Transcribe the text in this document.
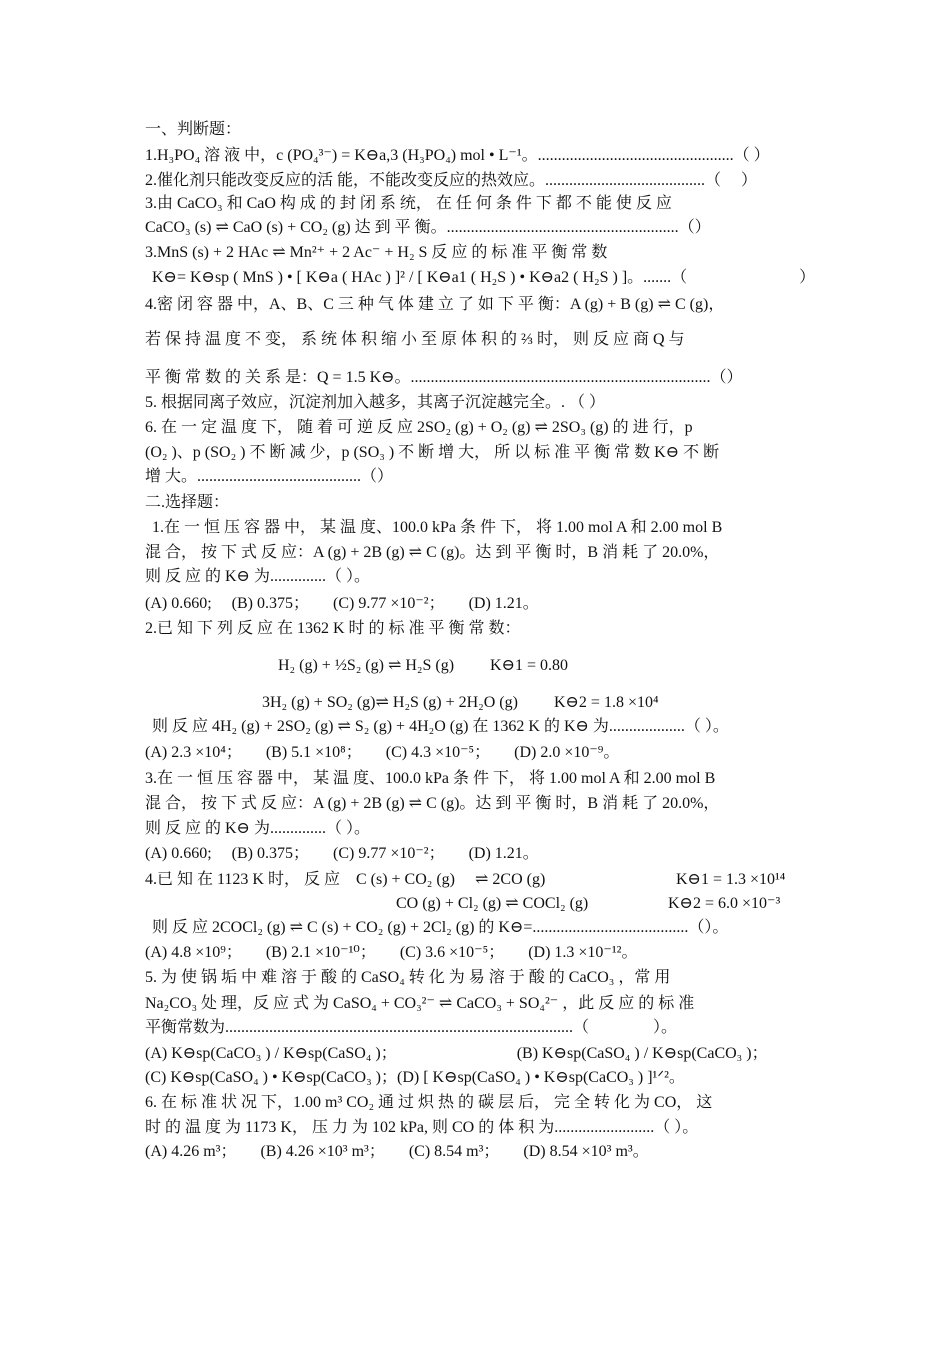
一、判断题：
1.H₃PO₄ 溶 液 中，c (PO₄³⁻) = K⊖a,3 (H₃PO₄) mol • L⁻¹。.................................................（ ）
2.催化剂只能改变反应的活 能，不能改变反应的热效应。........................................（　 ）
3.由 CaCO₃ 和 CaO 构 成 的 封 闭 系 统， 在 任 何 条 件 下 都 不 能 使 反 应
CaCO₃ (s) ⇌ CaO (s) + CO₂ (g) 达 到 平 衡。..........................................................（）
3.MnS (s) + 2 HAc ⇌ Mn²⁺ + 2 Ac⁻ + H₂ S 反 应 的 标 准 平 衡 常 数
K⊖= K⊖sp ( MnS ) • [ K⊖a ( HAc ) ]² / [ K⊖a1 ( H₂S ) • K⊖a2 ( H₂S ) ]。.......（　　　　　　　）
4.密 闭 容 器 中，A、B、C 三 种 气 体 建 立 了 如 下 平 衡：A (g) + B (g) ⇌ C (g)，
若 保 持 温 度 不 变， 系 统 体 积 缩 小 至 原 体 积 的 ⅔ 时， 则 反 应 商 Q 与
平 衡 常 数 的 关 系 是：Q = 1.5 K⊖。...........................................................................（）
5. 根据同离子效应，沉淀剂加入越多，其离子沉淀越完全。. （ ）
6. 在 一 定 温 度 下， 随 着 可 逆 反 应 2SO₂ (g) + O₂ (g) ⇌ 2SO₃ (g) 的 进 行，p
(O₂ )、p (SO₂ ) 不 断 减 少，p (SO₃ ) 不 断 增 大， 所 以 标 准 平 衡 常 数 K⊖ 不 断
增 大。.........................................（）
二.选择题：
1.在 一 恒 压 容 器 中， 某 温 度、100.0 kPa 条 件 下， 将 1.00 mol A 和 2.00 mol B
混 合， 按 下 式 反 应：A (g) + 2B (g) ⇌ C (g)。达 到 平 衡 时，B 消 耗 了 20.0%，
则 反 应 的 K⊖ 为..............（ ）。
(A) 0.660;　 (B) 0.375；　　(C) 9.77 ×10⁻²；　　(D) 1.21。
2.已 知 下 列 反 应 在 1362 K 时 的 标 准 平 衡 常 数：
H₂ (g) + ½S₂ (g) ⇌ H₂S (g)　　 K⊖1 = 0.80
3H₂ (g) + SO₂ (g)⇌ H₂S (g) + 2H₂O (g)　　 K⊖2 = 1.8 ×10⁴
则 反 应 4H₂ (g) + 2SO₂ (g) ⇌ S₂ (g) + 4H₂O (g) 在 1362 K 的 K⊖ 为...................（ ）。
(A) 2.3 ×10⁴；　　(B) 5.1 ×10⁸；　　(C) 4.3 ×10⁻⁵；　　(D) 2.0 ×10⁻⁹。
3.在 一 恒 压 容 器 中， 某 温 度、100.0 kPa 条 件 下， 将 1.00 mol A 和 2.00 mol B
混 合， 按 下 式 反 应：A (g) + 2B (g) ⇌ C (g)。达 到 平 衡 时，B 消 耗 了 20.0%，
则 反 应 的 K⊖ 为..............（ ）。
(A) 0.660;　 (B) 0.375；　　(C) 9.77 ×10⁻²；　　(D) 1.21。
4.已 知 在 1123 K 时， 反 应　C (s) + CO₂ (g)　 ⇌ 2CO (g)	K⊖1 = 1.3 ×10¹⁴
CO (g) + Cl₂ (g) ⇌ COCl₂ (g)	K⊖2 = 6.0 ×10⁻³
则 反 应 2COCl₂ (g) ⇌ C (s) + CO₂ (g) + 2Cl₂ (g) 的 K⊖=.......................................（）。
(A) 4.8 ×10⁹；　　(B) 2.1 ×10⁻¹⁰；　　(C) 3.6 ×10⁻⁵；　　(D) 1.3 ×10⁻¹²。
5. 为 使 锅 垢 中 难 溶 于 酸 的 CaSO₄ 转 化 为 易 溶 于 酸 的 CaCO₃ ，常 用
Na₂CO₃ 处 理，反 应 式 为 CaSO₄ + CO₃²⁻ ⇌ CaCO₃ + SO₄²⁻ ，此 反 应 的 标 准
平衡常数为.......................................................................................（　　　　）。
(A) K⊖sp(CaCO₃ ) / K⊖sp(CaSO₄ )；　　　　　　　　(B) K⊖sp(CaSO₄ ) / K⊖sp(CaCO₃ )；
(C) K⊖sp(CaSO₄ ) • K⊖sp(CaCO₃ )；(D) [ K⊖sp(CaSO₄ ) • K⊖sp(CaCO₃ ) ]¹ᐟ²。
6. 在 标 准 状 况 下，1.00 m³ CO₂ 通 过 炽 热 的 碳 层 后， 完 全 转 化 为 CO， 这
时 的 温 度 为 1173 K， 压 力 为 102 kPa, 则 CO 的 体 积 为.........................（ ）。
(A) 4.26 m³；　　(B) 4.26 ×10³ m³；　　(C) 8.54 m³；　　(D) 8.54 ×10³ m³。
